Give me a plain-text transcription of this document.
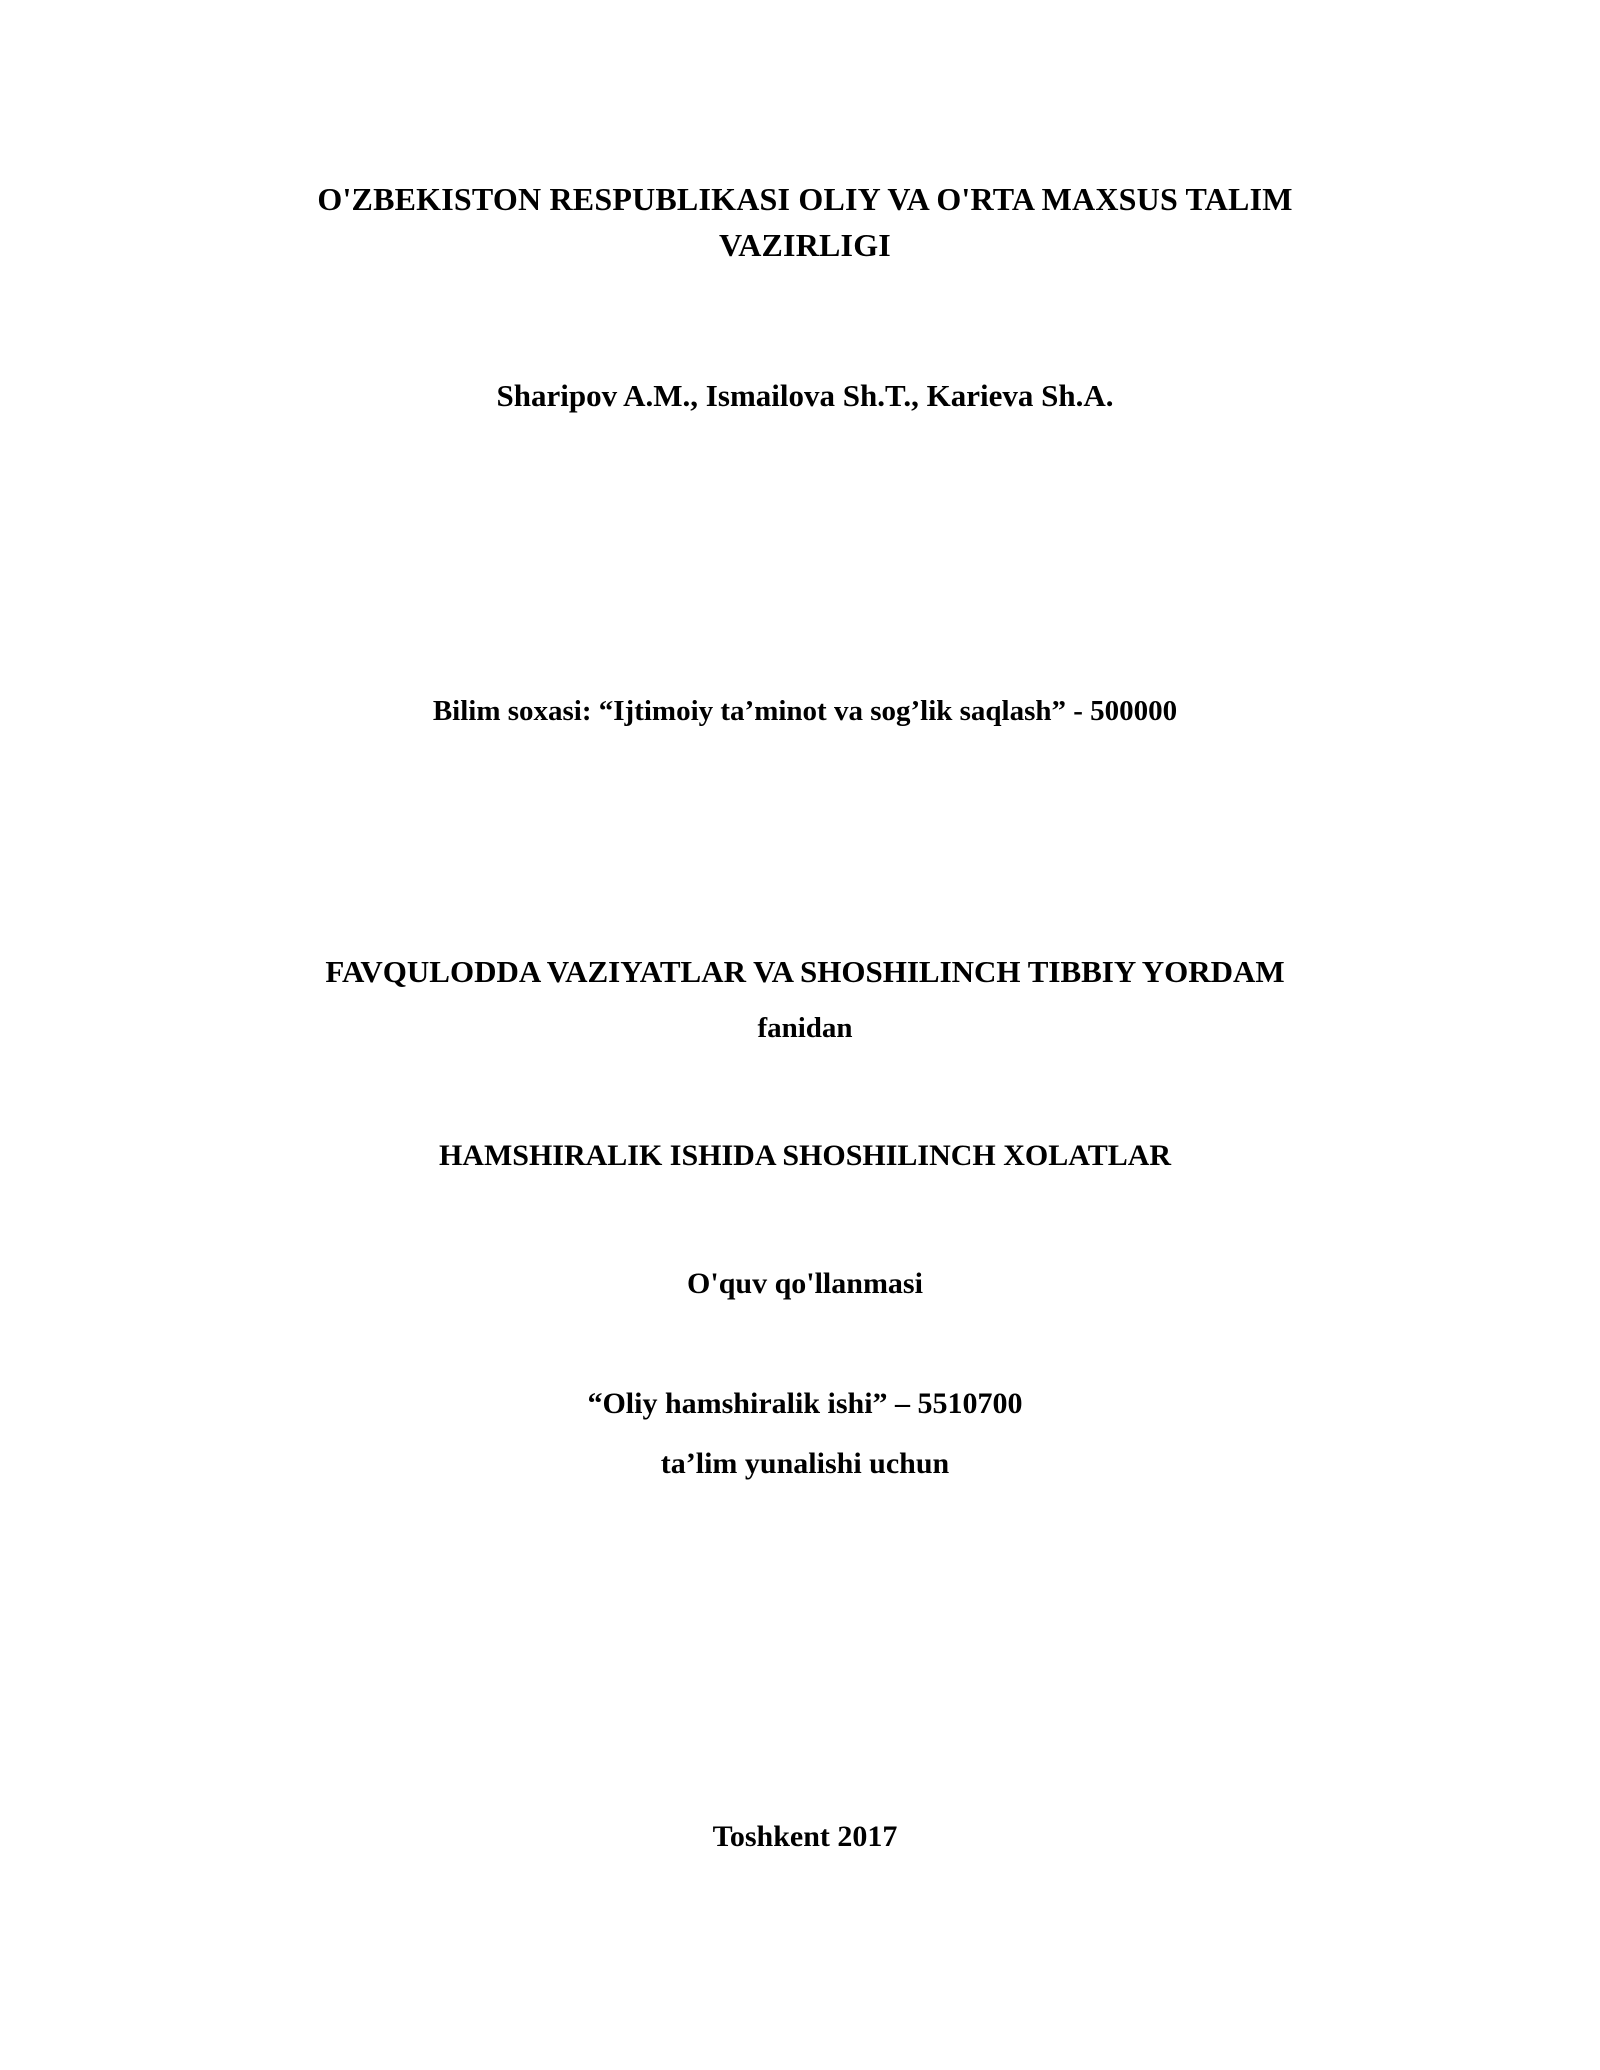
O'ZBEKISTON RESPUBLIKASI OLIY VA O'RTA MAXSUS TALIM
VAZIRLIGI
Sharipov A.M., Ismailova Sh.T., Karieva Sh.A.
Bilim soxasi: “Ijtimoiy ta’minot va sog’lik saqlash” - 500000
FAVQULODDA VAZIYATLAR VA SHOSHILINCH TIBBIY YORDAM
fanidan
HAMSHIRALIK ISHIDA SHOSHILINCH XOLATLAR
O'quv qo'llanmasi
“Oliy hamshiralik ishi” – 5510700
ta’lim yunalishi uchun
Toshkent 2017
